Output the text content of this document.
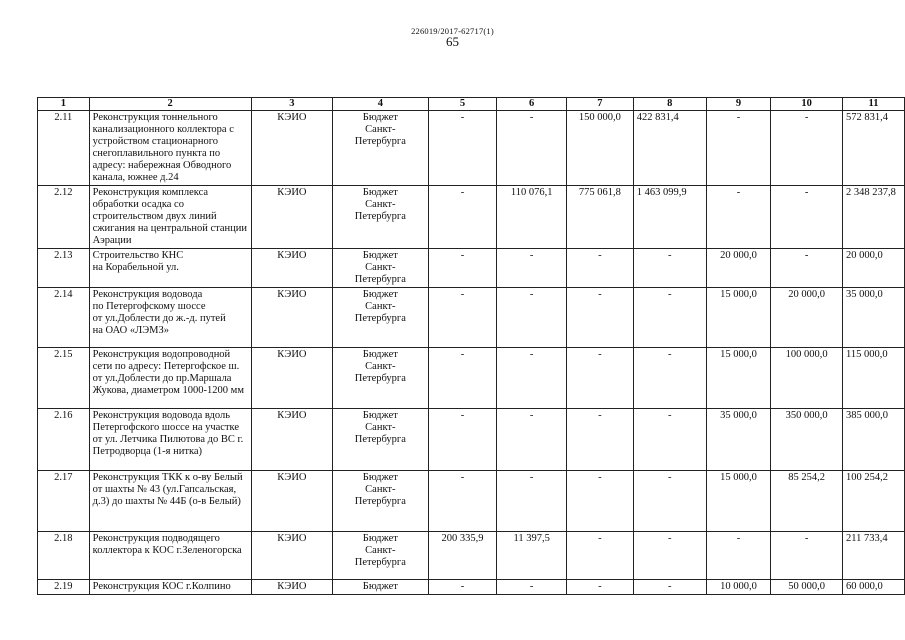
226019/2017-62717(1)
65
1	2	3	4	5	6	7	8	9	10	11
2.11	Реконструкция тоннельного канализационного коллектора с устройством стационарного снегоплавильного пункта по адресу: набережная Обводного канала, южнее д.24	КЭИО	Бюджет
Санкт-
Петербурга	-	-	150 000,0	422 831,4	-	-	572 831,4
2.12	Реконструкция комплекса обработки осадка со строительством двух линий сжигания на центральной станции Аэрации	КЭИО	Бюджет
Санкт-
Петербурга	-	110 076,1	775 061,8	1 463 099,9	-	-	2 348 237,8
2.13	Строительство КНС
на Корабельной ул.	КЭИО	Бюджет
Санкт-
Петербурга	-	-	-	-	20 000,0	-	20 000,0
2.14	Реконструкция водовода
по Петергофскому шоссе
от ул.Доблести до ж.-д. путей
на ОАО «ЛЭМЗ»	КЭИО	Бюджет
Санкт-
Петербурга	-	-	-	-	15 000,0	20 000,0	35 000,0
2.15	Реконструкция водопроводной сети по адресу: Петергофское ш. от ул.Доблести до пр.Маршала Жукова, диаметром 1000-1200 мм	КЭИО	Бюджет
Санкт-
Петербурга	-	-	-	-	15 000,0	100 000,0	115 000,0
2.16	Реконструкция водовода вдоль Петергофского шоссе на участке от ул. Летчика Пилютова до ВС г. Петродворца (1-я нитка)	КЭИО	Бюджет
Санкт-
Петербурга	-	-	-	-	35 000,0	350 000,0	385 000,0
2.17	Реконструкция ТКК к о-ву Белый от шахты № 43 (ул.Гапсальская, д.3) до шахты № 44Б (о-в Белый)	КЭИО	Бюджет
Санкт-
Петербурга	-	-	-	-	15 000,0	85 254,2	100 254,2
2.18	Реконструкция подводящего коллектора к КОС г.Зеленогорска	КЭИО	Бюджет
Санкт-
Петербурга	200 335,9	11 397,5	-	-	-	-	211 733,4
2.19	Реконструкция КОС г.Колпино	КЭИО	Бюджет	-	-	-	-	10 000,0	50 000,0	60 000,0
